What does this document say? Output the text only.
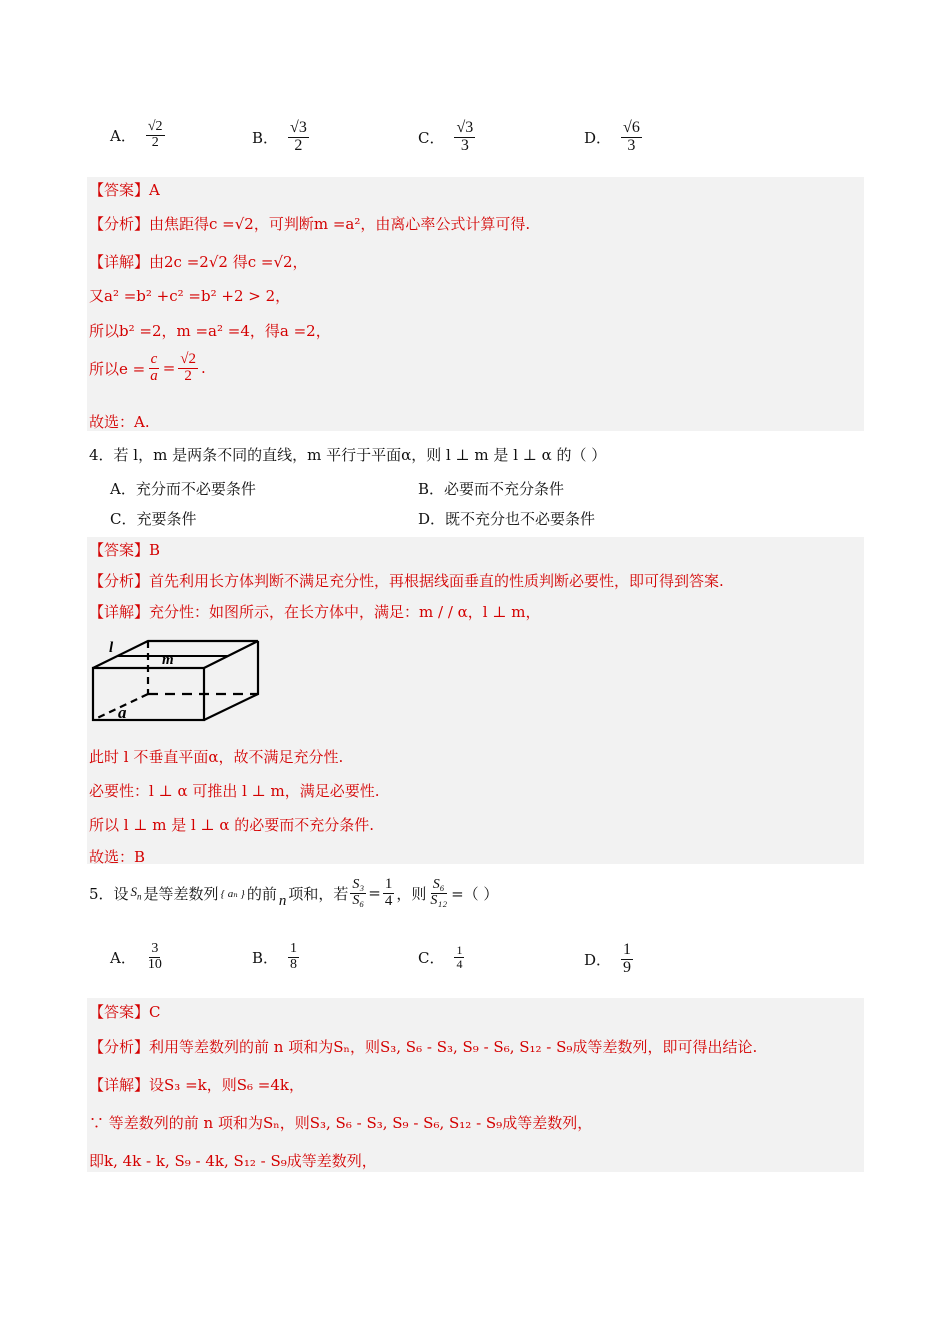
A． $\frac{√2}{2}$	B． $\frac{√3}{2}$	C． $\frac{√3}{3}$	D． $\frac{√6}{3}$
【答案】A
【分析】由焦距得c =√2，可判断m =a²，由离心率公式计算可得.
【详解】由2c =2√2 得c =√2，
又a² =b² +c² =b² +2 > 2，
所以b² =2，m =a² =4，得a =2，
所以$e = \frac{c}{a} = \frac{√2}{2}$ .
故选：A.
4．若 l，m 是两条不同的直线，m 平行于平面α，则 l ⊥ m 是 l ⊥ α 的（ ）
A．充分而不必要条件	B．必要而不充分条件
C．充要条件	D．既不充分也不必要条件
【答案】B
【分析】首先利用长方体判断不满足充分性，再根据线面垂直的性质判断必要性，即可得到答案.
【详解】充分性：如图所示，在长方体中，满足：m / / α，l ⊥ m，
l
m
a
此时 l 不垂直平面α，故不满足充分性.
必要性：l ⊥ α 可推出 l ⊥ m，满足必要性.
所以 l ⊥ m 是 l ⊥ α 的必要而不充分条件.
故选：B
5．设 $S_n$ 是等差数列 { aₙ } 的前 n 项和，若 $\frac{\text{S₃}}{\text{S₆}} = \frac{1}{4}$ ，则 $\frac{\text{S₆}}{\text{S₁₂}}$ =（ ）
A． $\frac{3}{10}$	B． $\frac{1}{8}$	C． $\frac{1}{4}$	D． $\frac{1}{9}$
【答案】C
【分析】利用等差数列的前 n 项和为Sₙ，则S₃, S₆ - S₃, S₉ - S₆, S₁₂ - S₉成等差数列，即可得出结论.
【详解】设S₃ =k，则S₆ =4k，
∵ 等差数列的前 n 项和为Sₙ，则S₃, S₆ - S₃, S₉ - S₆, S₁₂ - S₉成等差数列，
即k, 4k - k, S₉ - 4k, S₁₂ - S₉成等差数列，
